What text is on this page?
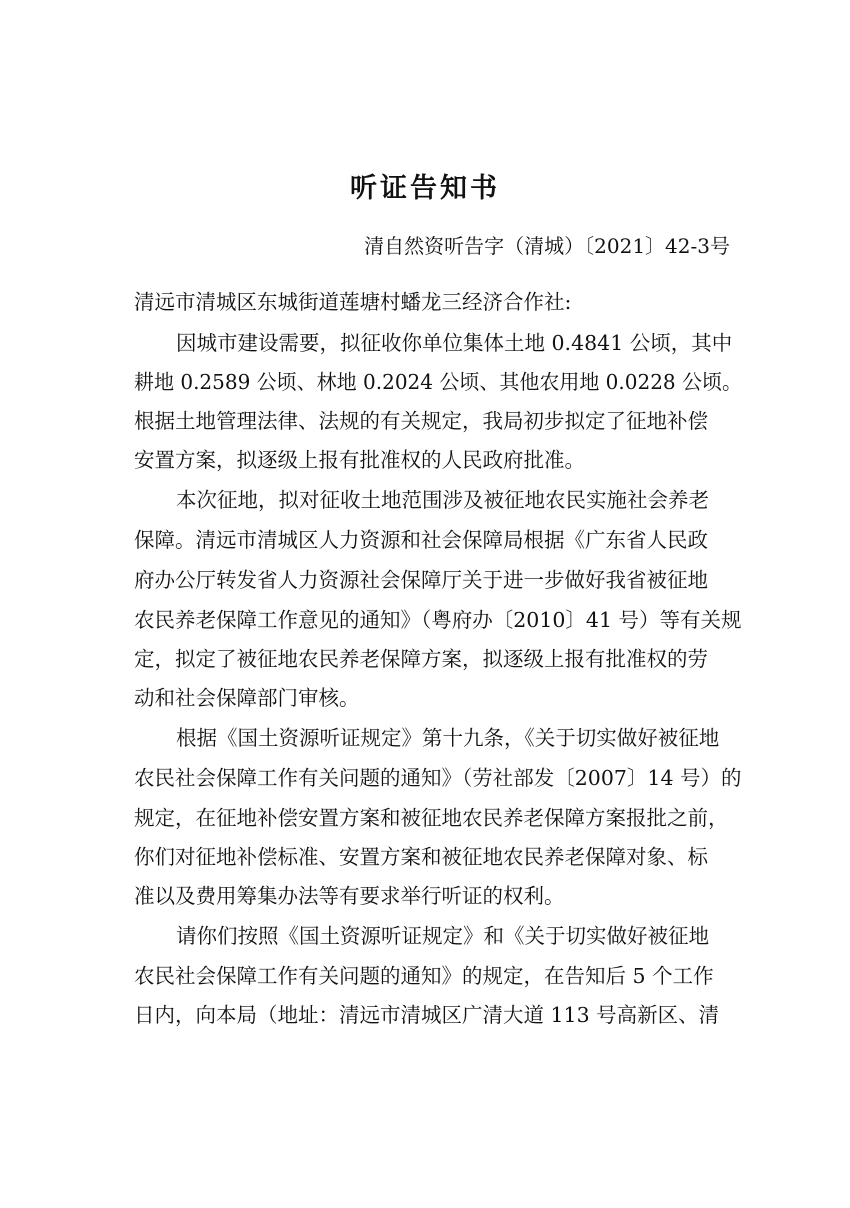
听证告知书
清自然资听告字（清城）〔2021〕42-3号
清远市清城区东城街道莲塘村蟠龙三经济合作社:
因城市建设需要，拟征收你单位集体土地 0.4841 公顷，其中
耕地 0.2589 公顷、林地 0.2024 公顷、其他农用地 0.0228 公顷。
根据土地管理法律、法规的有关规定，我局初步拟定了征地补偿
安置方案，拟逐级上报有批准权的人民政府批准。
本次征地，拟对征收土地范围涉及被征地农民实施社会养老
保障。清远市清城区人力资源和社会保障局根据《广东省人民政
府办公厅转发省人力资源社会保障厅关于进一步做好我省被征地
农民养老保障工作意见的通知》（粤府办〔2010〕41 号）等有关规
定，拟定了被征地农民养老保障方案，拟逐级上报有批准权的劳
动和社会保障部门审核。
根据《国土资源听证规定》第十九条，《关于切实做好被征地
农民社会保障工作有关问题的通知》（劳社部发〔2007〕14 号）的
规定，在征地补偿安置方案和被征地农民养老保障方案报批之前，
你们对征地补偿标准、安置方案和被征地农民养老保障对象、标
准以及费用筹集办法等有要求举行听证的权利。
请你们按照《国土资源听证规定》和《关于切实做好被征地
农民社会保障工作有关问题的通知》的规定，在告知后 5 个工作
日内，向本局（地址：清远市清城区广清大道 113 号高新区、清
